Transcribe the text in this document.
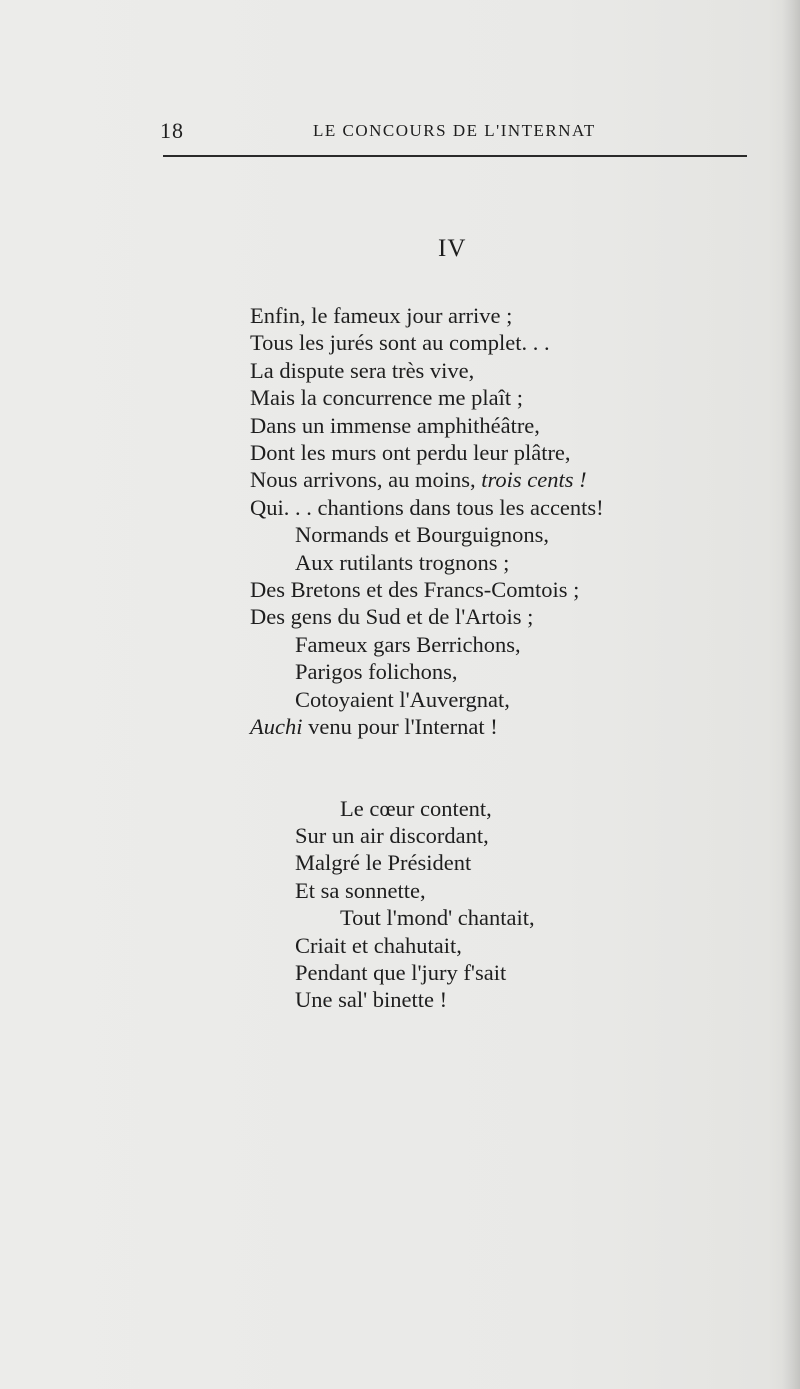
18	LE CONCOURS DE L'INTERNAT
IV
Enfin, le fameux jour arrive ;
Tous les jurés sont au complet. . .
La dispute sera très vive,
Mais la concurrence me plaît ;
Dans un immense amphithéâtre,
Dont les murs ont perdu leur plâtre,
Nous arrivons, au moins, trois cents !
Qui. . . chantions dans tous les accents!
Normands et Bourguignons,
Aux rutilants trognons ;
Des Bretons et des Francs-Comtois ;
Des gens du Sud et de l'Artois ;
Fameux gars Berrichons,
Parigos folichons,
Cotoyaient l'Auvergnat,
Auchi venu pour l'Internat !
Le cœur content,
Sur un air discordant,
Malgré le Président
Et sa sonnette,
Tout l'mond' chantait,
Criait et chahutait,
Pendant que l'jury f'sait
Une sal' binette !
